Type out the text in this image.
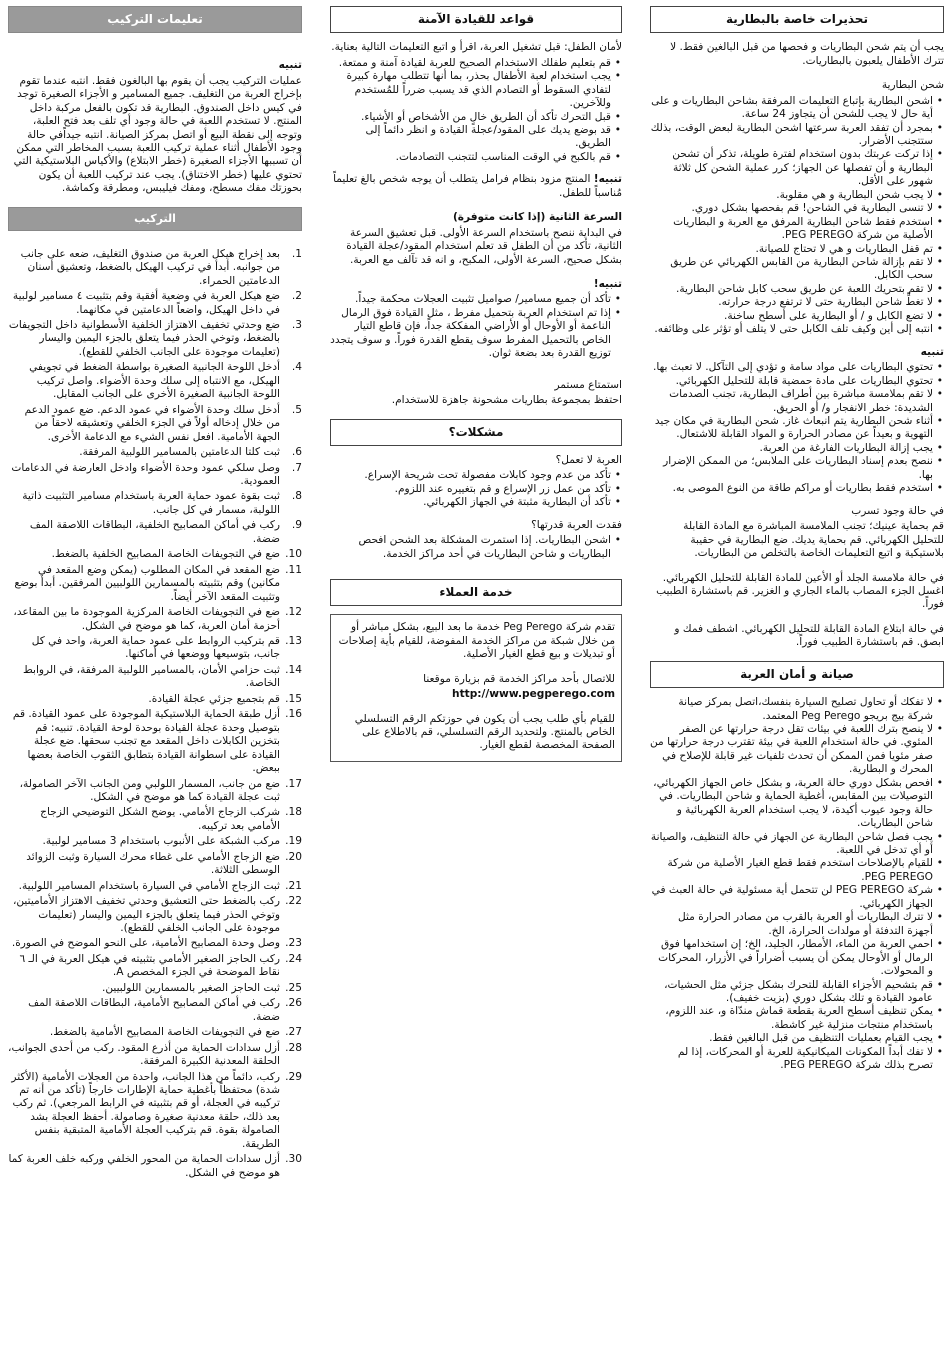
تحذيرات خاصة بالبطارية

يجب أن يتم شحن البطاريات و فحصها من قبل البالغين فقط. لا تترك الأطفال يلعبون بالبطاريات.

شحن البطارية

• اشحن البطارية بإتباع التعليمات المرفقة بشاحن البطاريات و على أية حال لا يجب للشحن أن يتجاوز 24 ساعة.
• بمجرد أن تفقد العربة سرعتها اشحن البطارية لبعض الوقت، بذلك ستتجنب الأضرار.
• إذا تركت عربتك بدون استخدام لفترة طويلة، تذكر أن تشحن البطارية و أن تفصلها عن الجهاز؛ كرر عملية الشحن كل ثلاثة شهور على الأقل.
• لا يجب شحن البطارية و هي مقلوبة.
• لا تنسى البطارية في الشاحن! قم بفحصها بشكل دوري.
• استخدم فقط شاحن البطارية المرفق مع العربة و البطاريات الأصلية من شركة PEG PEREGO.
• تم قفل البطاريات و هي لا تحتاج للصيانة.
• لا تقم بإزالة شاحن البطارية من القابس الكهربائي عن طريق سحب الكابل.
• لا تقم بتحريك اللعبة عن طريق سحب كابل شاحن البطارية.
• لا تغطِّ شاحن البطارية حتى لا ترتفع درجة حرارته.
• لا تضع الكابل و / أو البطارية على أسطح ساخنة.
• انتبه إلى أين وكيف تلف الكابل حتى لا يتلف أو تؤثر على وظائفه.

تنبيه

• تحتوي البطاريات على مواد سامة و تؤدي إلى التآكل. لا تعبث بها.
• تحتوي البطاريات على مادة حمضية قابلة للتحليل الكهربائي.
• لا تقم بملامسة مباشرة بين أطراف البطارية، تجنب الصدمات الشديدة: خطر الانفجار و/ أو الحريق.
• أثناء شحن البطارية يتم انبعاث غاز. شحن البطارية في مكان جيد التهوية و بعيداً عن مصادر الحرارة و المواد القابلة للاشتعال.
• يجب إزالة البطاريات الفارغة من العربة.
• ننصح بعدم إسناد البطاريات على الملابس؛ من الممكن الإضرار بها.
• استخدم فقط بطاريات أو مراكم طاقة من النوع الموصى به.

في حالة وجود تسرب

قم بحماية عينيك؛ تجنب الملامسة المباشرة مع المادة القابلة للتحليل الكهربائي. قم بحماية يديك. ضع البطارية في حقيبة بلاستيكية و اتبع التعليمات الخاصة بالتخلص من البطاريات.

في حالة ملامسة الجلد أو الأعين للمادة القابلة للتحليل الكهربائي. اغسل الجزء المصاب بالماء الجاري و الغزير. قم باستشارة الطبيب فوراً.

في حالة ابتلاع المادة القابلة للتحليل الكهربائي. اشطف فمك و ابصق. قم باستشارة الطبيب فوراً.

صيانة و أمان العربة
• لا تفكك أو تحاول تصليح السيارة بنفسك،اتصل بمركز صيانة شركة بيج بريجو Peg Perego المعتمد.
• لا ينصح بترك اللعبة في بيئات تقل درجة حرارتها عن الصفر المئوي. في حالة استخدام اللعبة في بيئة تقترب درجة حرارتها من صفر مئويا فمن الممكن أن تحدث تلفيات غير قابلة للإصلاح في المحرك و البطارية.
• افحص بشكل دوري حالة العربة، و بشكل خاص الجهاز الكهربائي، التوصيلات بين المقابس، أغطية الحماية و شاحن البطاريات. في حالة وجود عيوب أكيدة، لا يجب استخدام العربة الكهربائية و شاحن البطاريات.
• يجب فصل شاحن البطارية عن الجهاز في حالة التنظيف، والصيانة أو أي تدخل في اللعبة.
• للقيام بالإصلاحات استخدم فقط قطع الغيار الأصلية من شركة PEG PEREGO.
• شركة PEG PEREGO لن تتحمل أية مسئولية في حالة العبث في الجهاز الكهربائي.
• لا تترك البطاريات أو العربة بالقرب من مصادر الحرارة مثل أجهزة التدفئة أو مولدات الحرارة، الخ.
• احمي العربة من الماء، الأمطار، الجليد، الخ؛ إن استخدامها فوق الرمال أو الأوحال يمكن أن يسبب أضراراً في الأزرار، المحركات و المحولات.
• قم بتشحيم الأجزاء القابلة للتحرك بشكل جزئي مثل الحشيات، عامود القيادة و تلك بشكل دوري (بزيت خفيف).
• يمكن تنظيف أسطح العربة بقطعة قماش مندّاة و، عند اللزوم، باستخدام منتجات منزلية غير كاشطة.
• يجب القيام بعمليات التنظيف من قبل البالغين فقط.
• لا تفك أبداً المكونات الميكانيكية للعربة أو المحركات، إذا لم تصرح بذلك شركة PEG PEREGO.
قواعد للقيادة الآمنة

لأمان الطفل: قبل تشغيل العربة، اقرأ و اتبع التعليمات التالية بعناية.

• قم بتعليم طفلك الاستخدام الصحيح للعربة لقيادة آمنة و ممتعة.
• يجب استخدام لعبة الأطفال بحذر، بما أنها تتطلب مهارة كبيرة لتفادي السقوط أو التصادم الذي قد يسبب ضرراً للمُستخدم وللآخرين.
• قبل التحرك تأكد أن الطريق خالٍ من الأشخاص أو الأشياء.
• قد بوضع يديك على المقود/عجلة القيادة و انظر دائماً إلى الطريق.
• قم بالكبح في الوقت المناسب لتتجنب التصادمات.

تنبيه! المنتج مزود بنظام فرامل يتطلب أن يوجه شخص بالغ تعليماً مُناسباً للطفل.

السرعة الثانية (إذا كانت متوفرة)

في البداية ننصح باستخدام السرعة الأولى. قبل تعشيق السرعة الثانية، تأكد من أن الطفل قد تعلم استخدام المقود/عجلة القيادة بشكل صحيح، السرعة الأولى، المكبح، و انه قد تآلف مع العربة.

تنبيه!

• تأكد أن جميع مسامير/ صواميل تثبيت العجلات محكمة جيداً.
• إذا تم استخدام العربة بتحميل مفرط ، مثل القيادة فوق الرمال الناعمة أو الأوحال أو الأراضي المفككة جداً، فإن قاطع التيار الخاص بالتحميل المفرط سوف يقطع القدرة فوراً. و سوف يتجدد توزيع القدرة بعد بضعة ثوان.

استمتاع مستمر

احتفظ بمجموعة بطاريات مشحونة جاهزة للاستخدام.

مشكلات؟

العربة لا تعمل؟

• تأكد من عدم وجود كابلات مفصولة تحت شريحة الإسراع.
• تأكد من عمل زر الإسراع و قم بتغييره عند اللزوم.
• تأكد أن البطارية مثبتة في الجهاز الكهربائي.

فقدت العربة قدرتها؟

• اشحن البطاريات. إذا استمرت المشكلة بعد الشحن افحص البطاريات و شاحن البطاريات في أحد مراكز الخدمة.
خدمة العملاء

تقدم شركة Peg Perego خدمة ما بعد البيع، بشكل مباشر أو من خلال شبكة من مراكز الخدمة المفوضة، للقيام بأية إصلاحات أو تبديلات و بيع قطع الغيار الأصلية.

للاتصال بأحد مراكز الخدمة قم بزيارة موقعنا

http://www.pegperego.com

للقيام بأي طلب يجب أن يكون في حوزتكم الرقم التسلسلي الخاص بالمنتج. ولتحديد الرقم التسلسلي، قم بالاطلاع على الصفحة المخصصة لقطع الغيار.

تعليمات التركيب

تنبيه

عمليات التركيب يجب أن يقوم بها البالغون فقط. انتبه عندما تقوم بإخراج العربة من التغليف. جميع المسامير و الأجزاء الصغيرة توجد في كيس داخل الصندوق. البطارية قد تكون بالفعل مركبة داخل المنتج. لا تستخدم اللعبة في حالة وجود أي تلف بعد فتح العلبة، وتوجه إلى نقطة البيع أو اتصل بمركز الصيانة. انتبه جيداًفي حالة وجود الأطفال أثناء عملية تركيب اللعبة بسبب المخاطر التي ممكن أن تسببها الأجزاء الصغيرة (خطر الابتلاع) والأكياس البلاستيكية التي تحتوي عليها (خطر الاختناق). يجب عند تركيب اللعبة أن يكون بحوزتك مفك مسطح، ومفك فيليبس، ومطرقة وكماشة.

التركيب
1.
بعد إخراج هيكل العربة من صندوق التغليف، ضعه على جانب من جوانبه. أبدأ في تركيب الهيكل بالضغط، وتعشيق أسنان الدعامتين الحمراء.
2.
ضع هيكل العربة في وضعية أفقية وقم بتثبيت ٤ مسامير لولبية في داخل الهيكل، واضعاً الدعامتين في مكانهما.
3.
ضع وحدتي تخفيف الاهتزاز الخلفية الأسطوانية داخل التجويفات بالضغط، وتوخي الحذر فيما يتعلق بالجزء اليمين واليسار (تعليمات موجودة على الجانب الخلفي للقطع).
4.
أدخل اللوحة الجانبية الصغيرة بواسطة الضغط في تجويفي الهيكل، مع الانتباه إلى سلك وحدة الأضواء. واصل تركيب اللوحة الجانبية الصغيرة الأخرى على الجانب المقابل.
5.
أدخل سلك وحدة الأضواء في عمود الدعم. ضع عمود الدعم من خلال إدخاله أولاً في الجزء الخلفي وتعشيقه لاحقاً من الجهة الأمامية. افعل نفس الشيء مع الدعامة الأخرى.
6.
ثبت كلتا الدعامتين بالمسامير اللولبية المرفقة.
7.
وصل سلكي عمود وحدة الأضواء وادخل العارضة في الدعامات العمودية.
8.
ثبت بقوة عمود حماية العربة باستخدام مسامير التثبيت ذاتية اللولبة، مسمار في كل جانب.
9.
ركب في أماكن المصابيح الخلفية، البطاقات اللاصقة المف ضضة.
10.
ضع في التجويفات الخاصة المصابيح الخلفية بالضغط.
11.
ضع المقعد في المكان المطلوب (يمكن وضع المقعد في مكانين) وقم بتثبيته بالمسمارين اللولبيين المرفقين. أبدأ بوضع وتثبيت المقعد الآخر أيضاً.
12.
ضع في التجويفات الخاصة المركزية الموجودة ما بين المقاعد، أحزمة أمان العربة، كما هو موضح في الشكل.
13.
قم بتركيب الروابط على عمود حماية العربة، واحد في كل جانب، بتوسيعها ووضعها في أماكنها.
14.
ثبت حزامي الأمان، بالمسامير اللولبية المرفقة، في الروابط الخاصة.
15.
قم بتجميع جزئي عجلة القيادة.
16.
أزل طبقة الحماية البلاستيكية الموجودة على عمود القيادة. قم بتوصيل وحدة عجلة القيادة بوحدة لوحة القيادة. تنبيه: قم بتخزين الكابلات داخل المقعد مع تجنب سحقها. ضع عجلة القيادة على اسطوانة القيادة بتطابق الثقوب الخاصة بعضها ببعض.
17.
ضع من جانب، المسمار اللولبي ومن الجانب الآخر الصامولة، ثبت عجلة القيادة كما هو موضح في الشكل.
18.
شركب الزجاج الأمامي. يوضح الشكل التوضيحي الزجاج الأمامي بعد تركيبه.
19.
مركب الشبكة على الأنبوب باستخدام 3 مسامير لولبية.
20.
ضع الزجاج الأمامي على غطاء محرك السيارة وثبت الزوائد الوسطى الثلاثة.
21.
ثبت الزجاج الأمامي في السيارة باستخدام المسامير اللولبية.
22.
ركب بالضغط حتى التعشيق وحدتي تخفيف الاهتزاز الأماميتين، وتوخي الحذر فيما يتعلق بالجزء اليمين واليسار (تعليمات موجودة على الجانب الخلفي للقطع).
23.
وصل وحدة المصابيح الأمامية، على النحو الموضح في الصورة.
24.
ركب الحاجز الصغير الأمامي بتثبيته في هيكل العربة في الـ ٦ نقاط الموضحة في الجزء المخصص A.
25.
ثبت الحاجز الصغير بالمسمارين اللولبيين.
26.
ركب في أماكن المصابيح الأمامية، البطاقات اللاصقة المف ضضة.
27.
ضع في التجويفات الخاصة المصابيح الأمامية بالضغط.
28.
أزل سدادات الحماية من أذرع المقود. ركب من أحدى الجوانب، الحلقة المعدنية الكبيرة المرفقة.
29.
ركب، دائماً من هذا الجانب، واحدة من العجلات الأمامية (الأكثر شدة) محتفظاً بأغطية حماية الإطارات خارجاً (تأكد من أنه تم تركيبه في العجلة، أو قم بتثبيته في الرابط المرجعي). ثم ركب بعد ذلك، حلقة معدنية صغيرة وصامولة. أحفظ العجلة بشد الصامولة بقوة. قم بتركيب العجلة الأمامية المتبقية بنفس الطريقة.
30.
أزل سدادات الحماية من المحور الخلفي وركبه خلف العربة كما هو موضح في الشكل.
